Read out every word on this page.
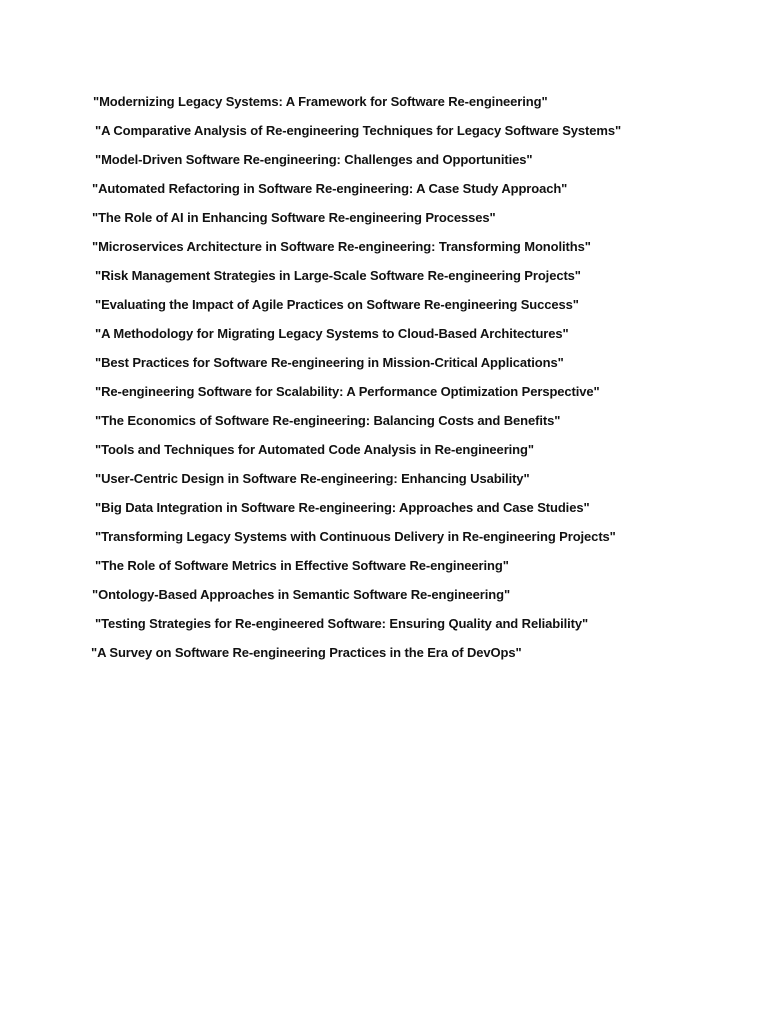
"Modernizing Legacy Systems: A Framework for Software Re-engineering"
"A Comparative Analysis of Re-engineering Techniques for Legacy Software Systems"
"Model-Driven Software Re-engineering: Challenges and Opportunities"
"Automated Refactoring in Software Re-engineering: A Case Study Approach"
"The Role of AI in Enhancing Software Re-engineering Processes"
"Microservices Architecture in Software Re-engineering: Transforming Monoliths"
"Risk Management Strategies in Large-Scale Software Re-engineering Projects"
"Evaluating the Impact of Agile Practices on Software Re-engineering Success"
"A Methodology for Migrating Legacy Systems to Cloud-Based Architectures"
"Best Practices for Software Re-engineering in Mission-Critical Applications"
"Re-engineering Software for Scalability: A Performance Optimization Perspective"
"The Economics of Software Re-engineering: Balancing Costs and Benefits"
"Tools and Techniques for Automated Code Analysis in Re-engineering"
"User-Centric Design in Software Re-engineering: Enhancing Usability"
"Big Data Integration in Software Re-engineering: Approaches and Case Studies"
"Transforming Legacy Systems with Continuous Delivery in Re-engineering Projects"
"The Role of Software Metrics in Effective Software Re-engineering"
"Ontology-Based Approaches in Semantic Software Re-engineering"
"Testing Strategies for Re-engineered Software: Ensuring Quality and Reliability"
"A Survey on Software Re-engineering Practices in the Era of DevOps"
